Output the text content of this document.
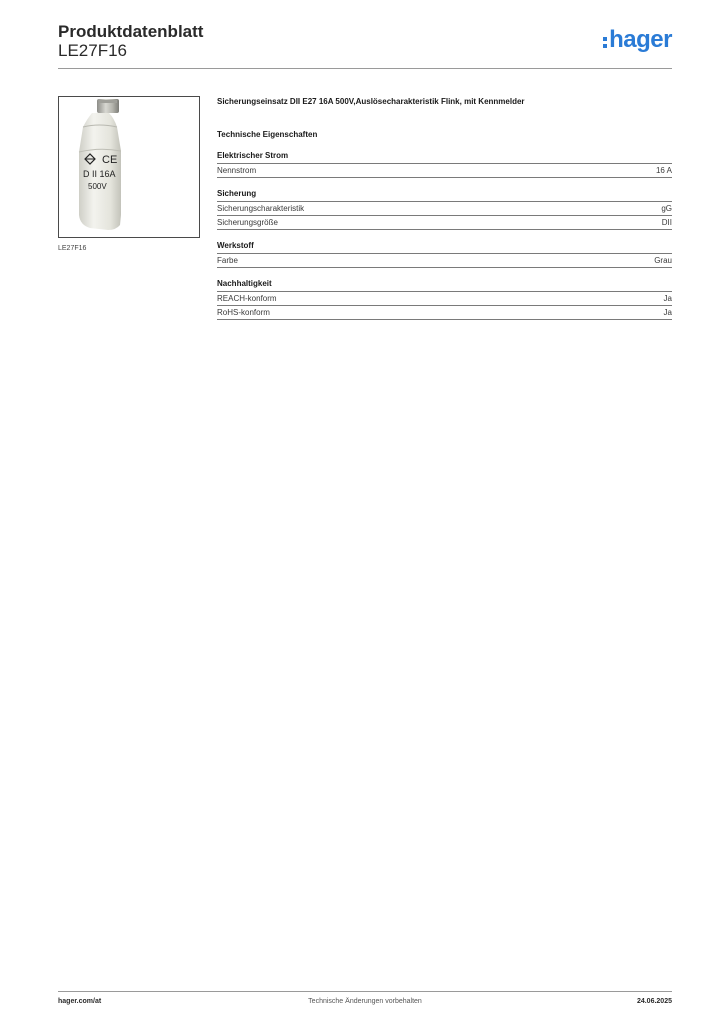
Produktdatenblatt
LE27F16	hager
CE
D II 16A
500V
LE27F16
Sicherungseinsatz DII E27 16A 500V,Auslösecharakteristik Flink, mit Kennmelder
Technische Eigenschaften
Elektrischer Strom
Nennstrom	16 A
Sicherung
Sicherungscharakteristik	gG
Sicherungsgröße	DII
Werkstoff
Farbe	Grau
Nachhaltigkeit
REACH-konform	Ja
RoHS-konform	Ja
hager.com/at	Technische Änderungen vorbehalten	24.06.2025
